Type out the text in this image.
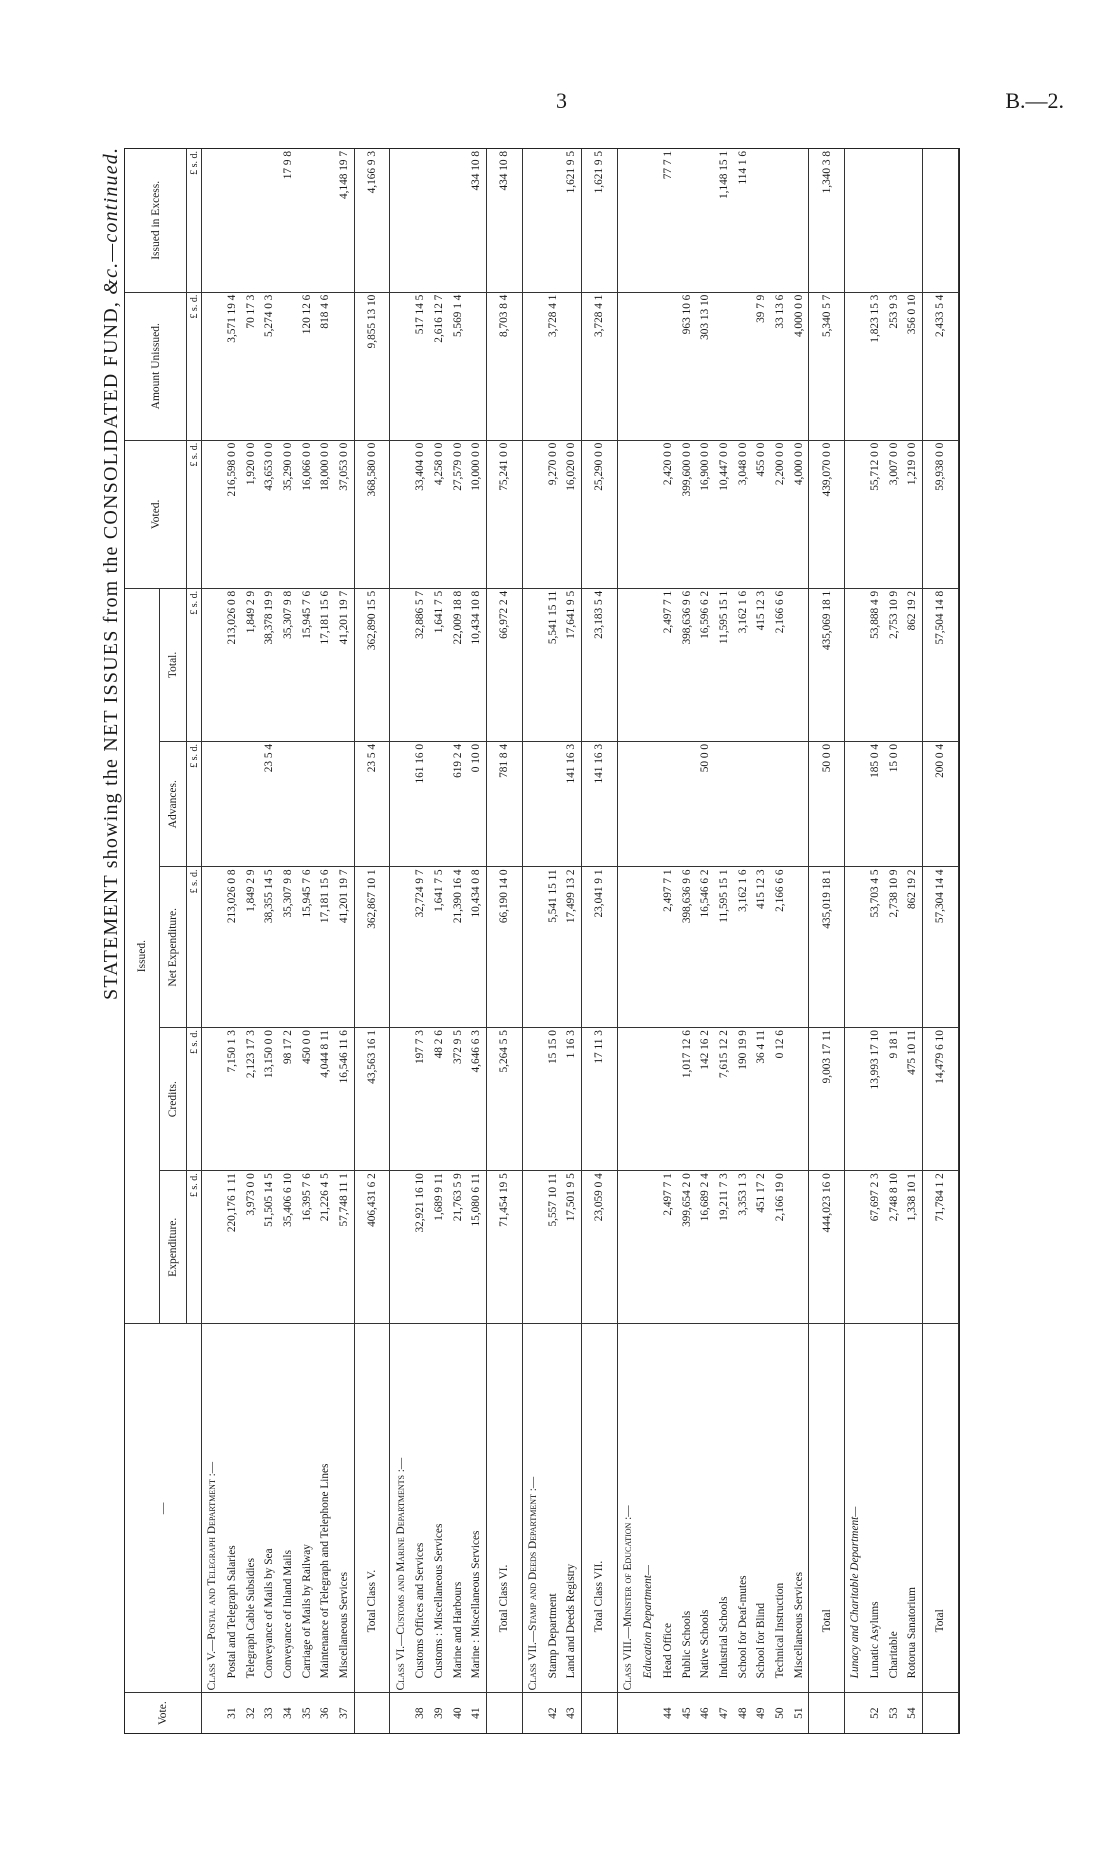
3	B.—2.
STATEMENT showing the NET ISSUES from the CONSOLIDATED FUND, &c.—continued.
Vote.	—	Issued.					Voted.	Amount Unissued.	Issued in Excess.
		Expenditure.	Credits.	Net Expenditure.	Advances.	Total.			
		£ s. d.	£ s. d.	£ s. d.	£ s. d.	£ s. d.	£ s. d.	£ s. d.	£ s. d.
	Class V.—Postal and Telegraph Department :—								
31	Postal and Telegraph Salaries	220,176 1 11	7,150 1 3	213,026 0 8		213,026 0 8	216,598 0 0	3,571 19 4	
32	Telegraph Cable Subsidies	3,973 0 0	2,123 17 3	1,849 2 9		1,849 2 9	1,920 0 0	70 17 3	
33	Conveyance of Mails by Sea	51,505 14 5	13,150 0 0	38,355 14 5	23 5 4	38,378 19 9	43,653 0 0	5,274 0 3	
34	Conveyance of Inland Mails	35,406 6 10	98 17 2	35,307 9 8		35,307 9 8	35,290 0 0		17 9 8
35	Carriage of Mails by Railway	16,395 7 6	450 0 0	15,945 7 6		15,945 7 6	16,066 0 0	120 12 6	
36	Maintenance of Telegraph and Telephone Lines	21,226 4 5	4,044 8 11	17,181 15 6		17,181 15 6	18,000 0 0	818 4 6	
37	Miscellaneous Services	57,748 11 1	16,546 11 6	41,201 19 7		41,201 19 7	37,053 0 0		4,148 19 7
	Total Class V.	406,431 6 2	43,563 16 1	362,867 10 1	23 5 4	362,890 15 5	368,580 0 0	9,855 13 10	4,166 9 3
	Class VI.—Customs and Marine Departments :—								
38	Customs Offices and Services	32,921 16 10	197 7 3	32,724 9 7	161 16 0	32,886 5 7	33,404 0 0	517 14 5	
39	Customs : Miscellaneous Services	1,689 9 11	48 2 6	1,641 7 5		1,641 7 5	4,258 0 0	2,616 12 7	
40	Marine and Harbours	21,763 5 9	372 9 5	21,390 16 4	619 2 4	22,009 18 8	27,579 0 0	5,569 1 4	
41	Marine : Miscellaneous Services	15,080 6 11	4,646 6 3	10,434 0 8	0 10 0	10,434 10 8	10,000 0 0		434 10 8
	Total Class VI.	71,454 19 5	5,264 5 5	66,190 14 0	781 8 4	66,972 2 4	75,241 0 0	8,703 8 4	434 10 8
	Class VII.—Stamp and Deeds Department :—								
42	Stamp Department	5,557 10 11	15 15 0	5,541 15 11		5,541 15 11	9,270 0 0	3,728 4 1	
43	Land and Deeds Registry	17,501 9 5	1 16 3	17,499 13 2	141 16 3	17,641 9 5	16,020 0 0		1,621 9 5
	Total Class VII.	23,059 0 4	17 11 3	23,041 9 1	141 16 3	23,183 5 4	25,290 0 0	3,728 4 1	1,621 9 5
	Class VIII.—Minister of Education :—								
	Education Department—								
44	Head Office	2,497 7 1		2,497 7 1		2,497 7 1	2,420 0 0		77 7 1
45	Public Schools	399,654 2 0	1,017 12 6	398,636 9 6		398,636 9 6	399,600 0 0	963 10 6	
46	Native Schools	16,689 2 4	142 16 2	16,546 6 2	50 0 0	16,596 6 2	16,900 0 0	303 13 10	
47	Industrial Schools	19,211 7 3	7,615 12 2	11,595 15 1		11,595 15 1	10,447 0 0		1,148 15 1
48	School for Deaf-mutes	3,353 1 3	190 19 9	3,162 1 6		3,162 1 6	3,048 0 0		114 1 6
49	School for Blind	451 17 2	36 4 11	415 12 3		415 12 3	455 0 0	39 7 9	
50	Technical Instruction	2,166 19 0	0 12 6	2,166 6 6		2,166 6 6	2,200 0 0	33 13 6	
51	Miscellaneous Services						4,000 0 0	4,000 0 0	
	Total	444,023 16 0	9,003 17 11	435,019 18 1	50 0 0	435,069 18 1	439,070 0 0	5,340 5 7	1,340 3 8
	Lunacy and Charitable Department—								
52	Lunatic Asylums	67,697 2 3	13,993 17 10	53,703 4 5	185 0 4	53,888 4 9	55,712 0 0	1,823 15 3	
53	Charitable	2,748 8 10	9 18 1	2,738 10 9	15 0 0	2,753 10 9	3,007 0 0	253 9 3	
54	Rotorua Sanatorium	1,338 10 1	475 10 11	862 19 2		862 19 2	1,219 0 0	356 0 10	
	Total	71,784 1 2	14,479 6 10	57,304 14 4	200 0 4	57,504 14 8	59,938 0 0	2,433 5 4	
